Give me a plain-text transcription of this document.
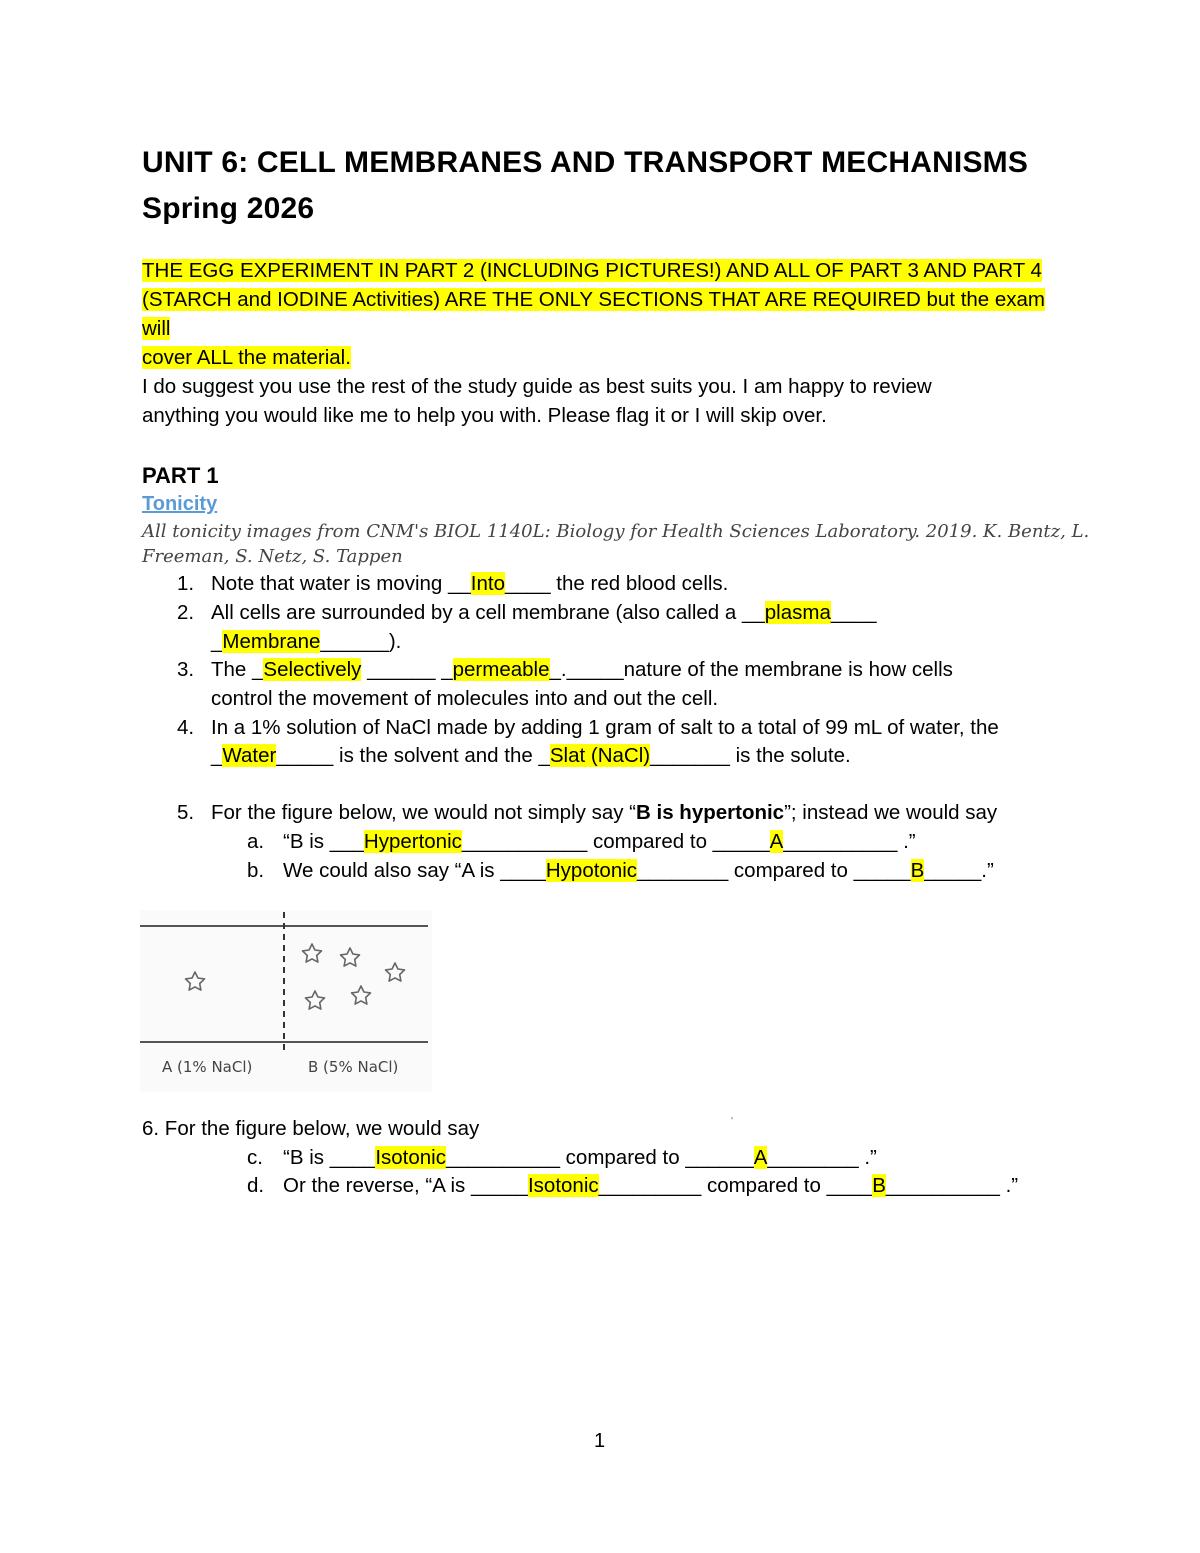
UNIT 6: CELL MEMBRANES AND TRANSPORT MECHANISMS
Spring 2026
THE EGG EXPERIMENT IN PART 2 (INCLUDING PICTURES!) AND ALL OF PART 3 AND PART 4
(STARCH and IODINE Activities) ARE THE ONLY SECTIONS THAT ARE REQUIRED but the exam will
cover ALL the material.
I do suggest you use the rest of the study guide as best suits you. I am happy to review
anything you would like me to help you with. Please flag it or I will skip over.
PART 1
Tonicity
All tonicity images from CNM's BIOL 1140L: Biology for Health Sciences Laboratory. 2019. K. Bentz, L.
Freeman, S. Netz, S. Tappen
1. Note that water is moving __Into____ the red blood cells.
2. All cells are surrounded by a cell membrane (also called a __plasma____
_Membrane______).
3. The _Selectively ______ _permeable_._____nature of the membrane is how cells
control the movement of molecules into and out the cell.
4. In a 1% solution of NaCl made by adding 1 gram of salt to a total of 99 mL of water, the
_Water_____ is the solvent and the _Slat (NaCl)_______ is the solute.
5. For the figure below, we would not simply say “B is hypertonic”; instead we would say
a. “B is ___Hypertonic___________ compared to _____A__________ .”
b. We could also say “A is ____Hypotonic________ compared to _____B_____.”
A (1% NaCl)	B (5% NaCl)
'
6. For the figure below, we would say
c. “B is ____Isotonic__________ compared to ______A________ .”
d. Or the reverse, “A is _____Isotonic_________ compared to ____B__________ .”
1
